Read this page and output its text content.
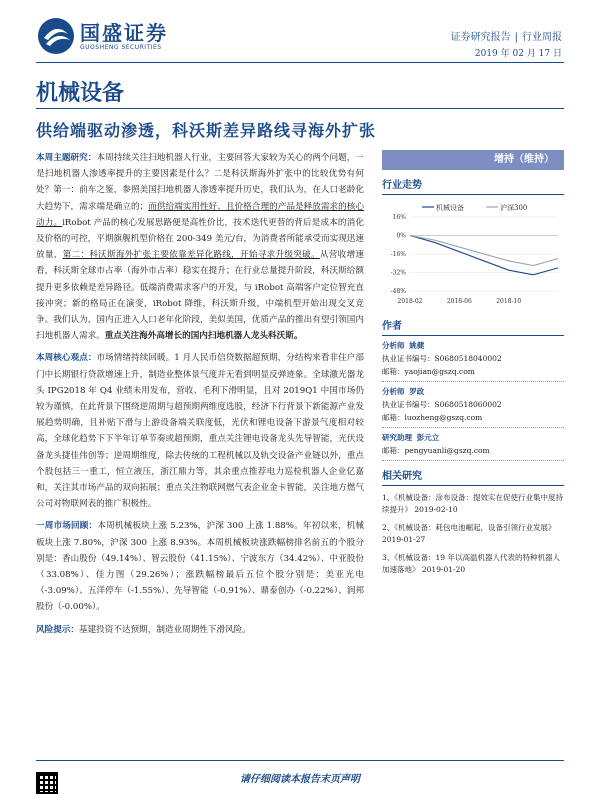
国盛证券
GUOSHENG SECURITIES
证券研究报告 | 行业周报
2019 年 02 月 17 日
机械设备
供给端驱动渗透，科沃斯差异路线寻海外扩张

本周主题研究：本周持续关注扫地机器人行业，主要回答大家较为关心的两个问题，一是扫地机器人渗透率提升的主要因素是什么？二是科沃斯海外扩张中的比较优势有何处？第一：前车之鉴，参照美国扫地机器人渗透率提升历史，我们认为，在人口老龄化大趋势下，需求端是确立的；而供给端实用性好、且价格合理的产品是释放需求的核心动力。iRobot 产品的核心发展思路便是高性价比，技术迭代更替的背后是成本的消化及价格的可控，平期旗舰机型价格在 200-349 美元/台，为消费者所能承受而实现迅速放量，第二：科沃斯海外扩张主要依靠差异化路线，开始寻求升级突破。从营收增速看，科沃斯全球市占率（海外市占率）稳实在提升；在行业总量提升阶段，科沃斯给额提升更多依赖是差异路径。低端消费需求客户的开发，与 iRobot 高端客户定位智充直接冲突；新的格局正在演变，iRobot 降维，科沃斯升级，中端机型开始出现交叉竞争。我们认为，国内正进入人口老年化阶段，美似美国，优质产品的推出有望引领国内扫地机器人需求。重点关注海外高增长的国内扫地机器人龙头科沃斯。

本周核心观点：市场情绪持续回暖。1 月人民币信贷数据超预期，分结构来看非住户部门中长期银行贷款增速上升，制造业整体景气度并无看到明显反弹迹象。全球激光器龙头 IPG2018 年 Q4 业绩未用发布，营收、毛利下滑明显，且对 2019Q1 中国市场仍较为谨慎，在此背景下围绕逆周期与超预期两维度选股，经济下行背景下新能源产业发展趋势明确，且补贴下滑与上游设备端关联度低，光伏和锂电设备下游景气度相对较高，全球化趋势下下半年订单节奏或超预期，重点关注锂电设备龙头先导智能，光伏设备龙头捷佳伟创等；逆周期维度，除去传统的工程机械以及轨交设备产业链以外，重点个股包括三一重工，恒立液压，浙江鼎力等，其余重点推荐电力巡检机器人企业亿嘉和，关注其市场产品的双向拓展；重点关注物联网燃气表企业金卡智能，关注地方燃气公司对物联网表的推广积极性。

一周市场回顾：本周机械板块上涨 5.23%，沪深 300 上涨 1.88%。年初以来，机械板块上涨 7.80%，沪深 300 上涨 8.93%。本周机械板块涨跌幅榜排名前五的个股分别是：香山股份（49.14%）、智云股份（41.15%）、宁波东方（34.42%）、中亚股份（33.08%）、佳力图（29.26%）；涨跌幅榜最后五位个股分别是：美亚光电（-3.09%）、五洋停车（-1.55%）、先导智能（-0.91%）、鼎泰创办（-0.22%）、润邦股份（-0.00%）。

风险提示：基建投资不达预期，制造业周期性下滑风险。

增持（维持）
行业走势
机械设备	沪深300
16%
0%
-16%
-32%
-48%
2018-02	2018-06	2018-10
作者
分析师 姚健
执业证书编号：S0680518040002
邮箱：yaojian@gszq.com
分析师 罗政
执业证书编号：S0680518060002
邮箱：luozheng@gszq.com
研究助理 彭元立
邮箱：pengyuanli@gszq.com
相关研究
1、《机械设备：涂布设备：提效实在促使行业集中度持续提升》 2019-02-10
2、《机械设备：耗包电池崛起，设备引领行业发展》 2019-01-27
3、《机械设备：19 年以高温机器人代表的特种机器人加速落地》 2019-01-20
请仔细阅读本报告末页声明
